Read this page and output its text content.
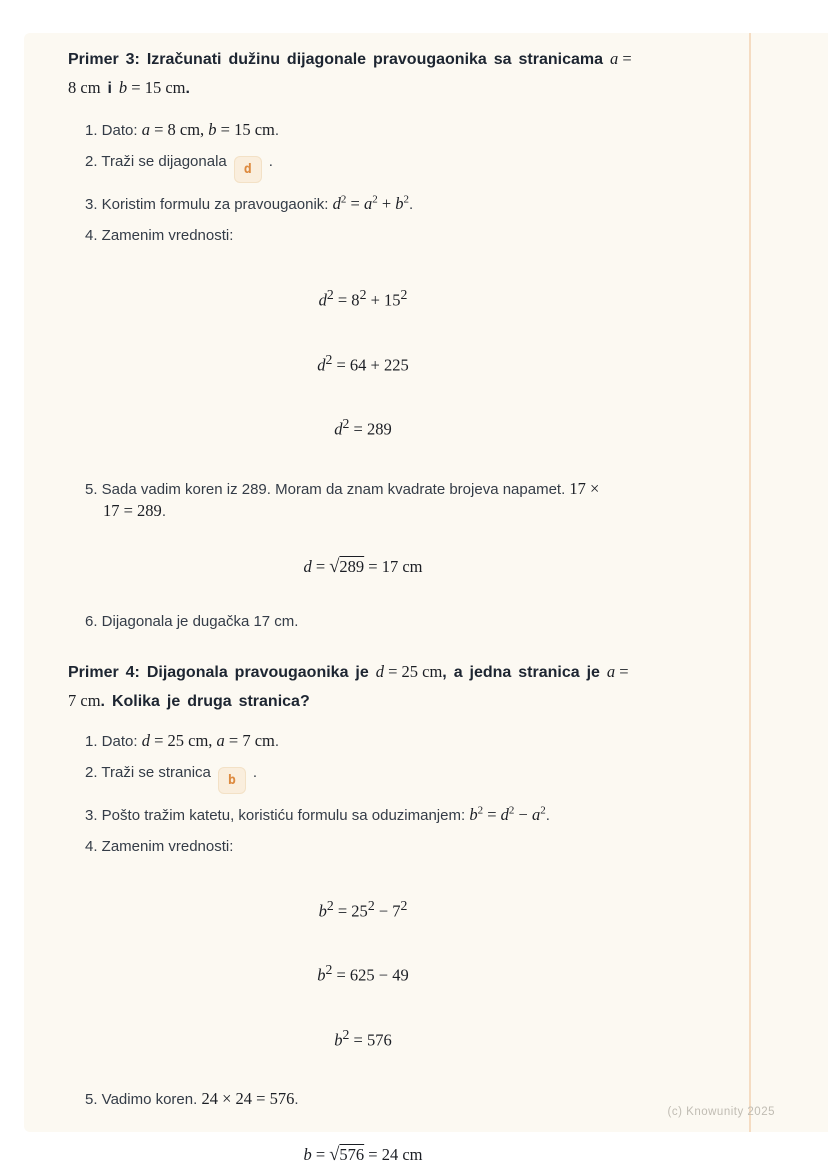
Primer 3: Izračunati dužinu dijagonale pravougaonika sa stranicama a =
8 cm i b = 15 cm.
1. Dato: a = 8 cm, b = 15 cm.
2. Traži se dijagonala d .
3. Koristim formulu za pravougaonik: $d^2 = a^2 + b^2$.
4. Zamenim vrednosti:
$d^2 = 8^2 + 15^2$
$d^2 = 64 + 225$
$d^2 = 289$
5. Sada vadim koren iz 289. Moram da znam kvadrate brojeva napamet. 17 ×
17 = 289.
d = √289 = 17 cm
6. Dijagonala je dugačka 17 cm.
Primer 4: Dijagonala pravougaonika je d = 25 cm, a jedna stranica je a =
7 cm. Kolika je druga stranica?
1. Dato: d = 25 cm, a = 7 cm.
2. Traži se stranica b .
3. Pošto tražim katetu, koristiću formulu sa oduzimanjem: $b^2 = d^2 - a^2$.
4. Zamenim vrednosti:
$b^2 = 25^2 - 7^2$
$b^2 = 625 - 49$
$b^2 = 576$
5. Vadimo koren. 24 × 24 = 576.
b = √576 = 24 cm
(c) Knowunity 2025
